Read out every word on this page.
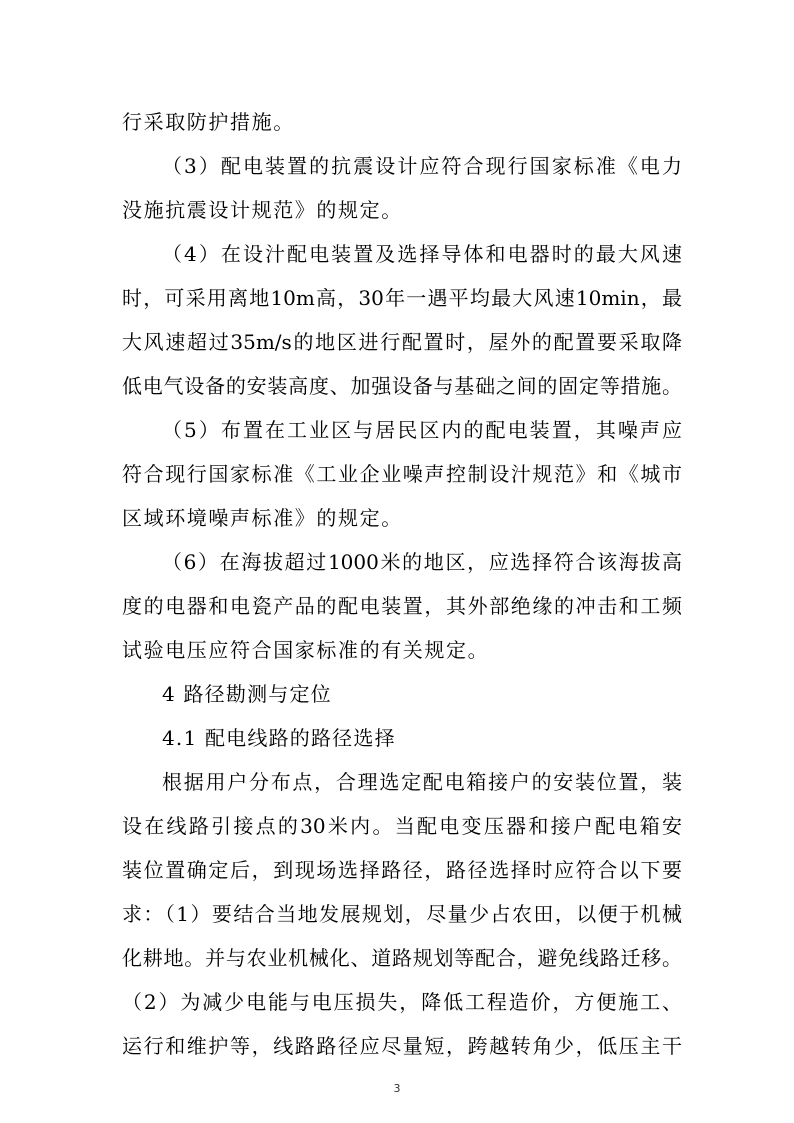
行采取防护措施。
（3）配电装置的抗震设计应符合现行国家标准《电力
没施抗震设计规范》的规定。
（4）在设汁配电装置及选择导体和电器时的最大风速
时，可采用离地10m高，30年一遇平均最大风速10min，最
大风速超过35m/s的地区进行配置时，屋外的配置要采取降
低电气设备的安装高度、加强设备与基础之间的固定等措施。
（5）布置在工业区与居民区内的配电装置，其噪声应
符合现行国家标准《工业企业噪声控制设汁规范》和《城市
区域环境噪声标准》的规定。
（6）在海拔超过1000米的地区，应选择符合该海拔高
度的电器和电瓷产品的配电装置，其外部绝缘的冲击和工频
试验电压应符合国家标准的有关规定。
4 路径勘测与定位
4.1 配电线路的路径选择
根据用户分布点，合理选定配电箱接户的安装位置，装
设在线路引接点的30米内。当配电变压器和接户配电箱安
装位置确定后，到现场选择路径，路径选择时应符合以下要
求：（1）要结合当地发展规划，尽量少占农田，以便于机械
化耕地。并与农业机械化、道路规划等配合，避免线路迁移。
（2）为减少电能与电压损失，降低工程造价，方便施工、
运行和维护等，线路路径应尽量短，跨越转角少，低压主干
3
